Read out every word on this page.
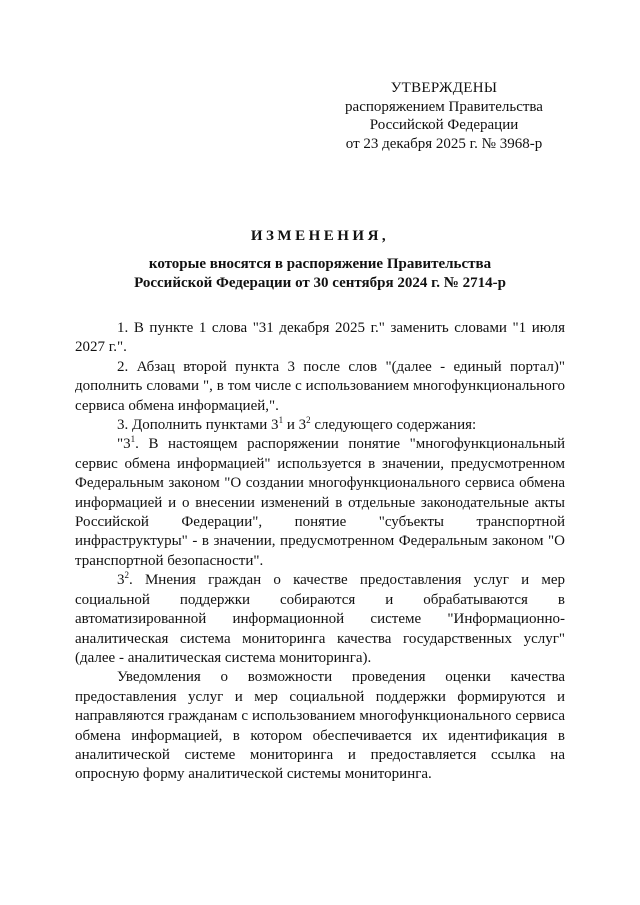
УТВЕРЖДЕНЫ
распоряжением Правительства
Российской Федерации
от 23 декабря 2025 г. № 3968-р
ИЗМЕНЕНИЯ,
которые вносятся в распоряжение Правительства
Российской Федерации от 30 сентября 2024 г. № 2714-р

1. В пункте 1 слова "31 декабря 2025 г." заменить словами "1 июля 2027 г.".

2. Абзац второй пункта 3 после слов "(далее - единый портал)" дополнить словами ", в том числе с использованием многофункционального сервиса обмена информацией,".

3. Дополнить пунктами $3^1$ и $3^2$ следующего содержания:

"$3^1$. В настоящем распоряжении понятие "многофункциональный сервис обмена информацией" используется в значении, предусмотренном Федеральным законом "О создании многофункционального сервиса обмена информацией и о внесении изменений в отдельные законодательные акты Российской Федерации", понятие "субъекты транспортной инфраструктуры" - в значении, предусмотренном Федеральным законом "О транспортной безопасности".

$3^2$. Мнения граждан о качестве предоставления услуг и мер социальной поддержки собираются и обрабатываются в автоматизированной информационной системе "Информационно-аналитическая система мониторинга качества государственных услуг" (далее - аналитическая система мониторинга).

Уведомления о возможности проведения оценки качества предоставления услуг и мер социальной поддержки формируются и направляются гражданам с использованием многофункционального сервиса обмена информацией, в котором обеспечивается их идентификация в аналитической системе мониторинга и предоставляется ссылка на опросную форму аналитической системы мониторинга.
